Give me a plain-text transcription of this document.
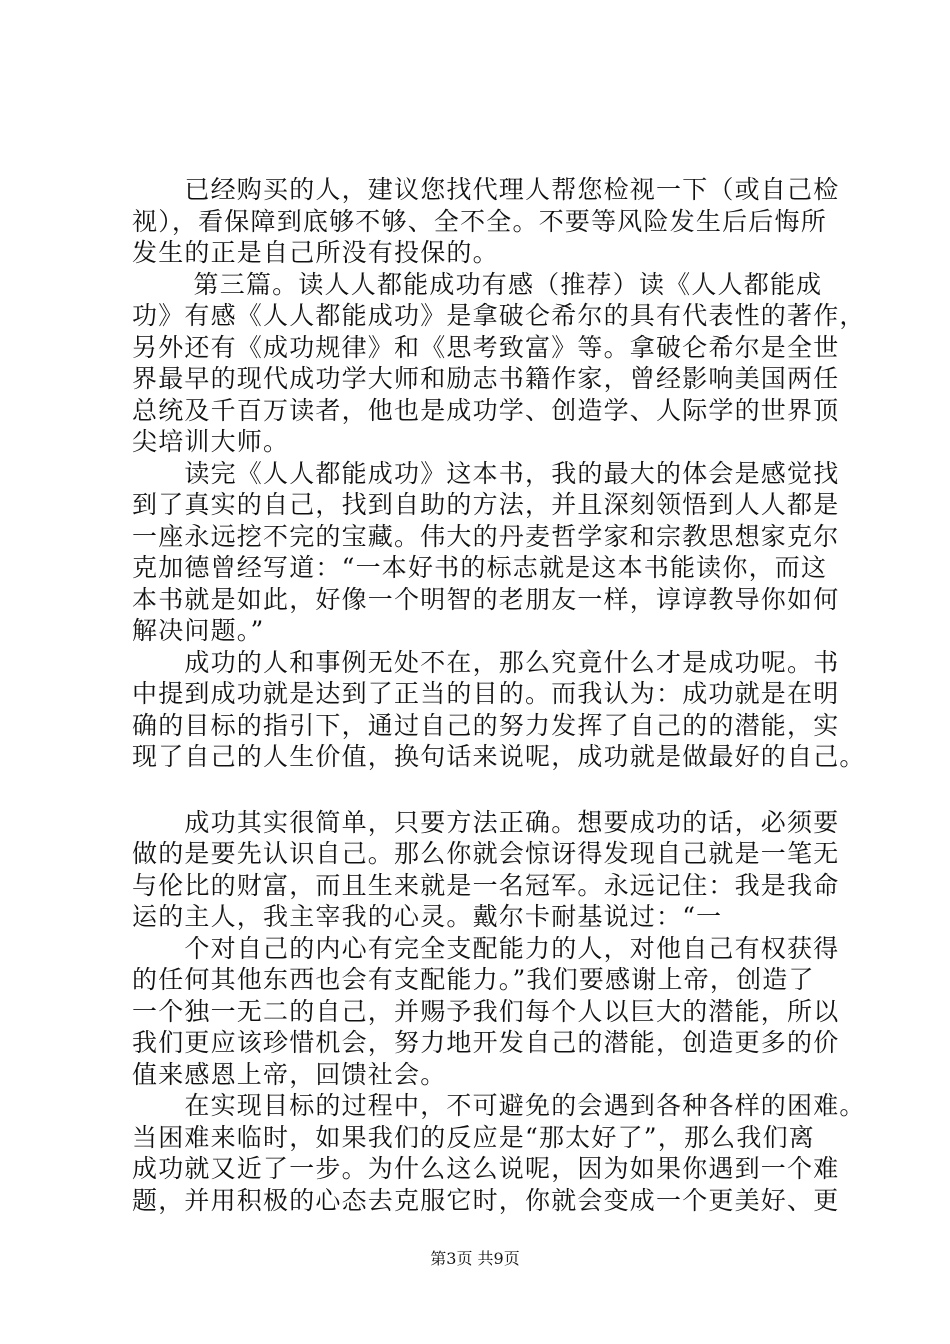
　　已经购买的人，建议您找代理人帮您检视一下（或自己检
视），看保障到底够不够、全不全。不要等风险发生后后悔所
发生的正是自己所没有投保的。
　　 第三篇。读人人都能成功有感（推荐）读《人人都能成
功》有感《人人都能成功》是拿破仑希尔的具有代表性的著作，
另外还有《成功规律》和《思考致富》等。拿破仑希尔是全世
界最早的现代成功学大师和励志书籍作家，曾经影响美国两任
总统及千百万读者，他也是成功学、创造学、人际学的世界顶
尖培训大师。
　　读完《人人都能成功》这本书，我的最大的体会是感觉找
到了真实的自己，找到自助的方法，并且深刻领悟到人人都是
一座永远挖不完的宝藏。伟大的丹麦哲学家和宗教思想家克尔
克加德曾经写道：“一本好书的标志就是这本书能读你，而这
本书就是如此，好像一个明智的老朋友一样，谆谆教导你如何
解决问题。”
　　成功的人和事例无处不在，那么究竟什么才是成功呢。书
中提到成功就是达到了正当的目的。而我认为：成功就是在明
确的目标的指引下，通过自己的努力发挥了自己的的潜能，实
现了自己的人生价值，换句话来说呢，成功就是做最好的自己。
　　成功其实很简单，只要方法正确。想要成功的话，必须要
做的是要先认识自己。那么你就会惊讶得发现自己就是一笔无
与伦比的财富，而且生来就是一名冠军。永远记住：我是我命
运的主人，我主宰我的心灵。戴尔卡耐基说过：“一
　　个对自己的内心有完全支配能力的人，对他自己有权获得
的任何其他东西也会有支配能力。”我们要感谢上帝，创造了
一个独一无二的自己，并赐予我们每个人以巨大的潜能，所以
我们更应该珍惜机会，努力地开发自己的潜能，创造更多的价
值来感恩上帝，回馈社会。
　　在实现目标的过程中，不可避免的会遇到各种各样的困难。
当困难来临时，如果我们的反应是“那太好了”，那么我们离
成功就又近了一步。为什么这么说呢，因为如果你遇到一个难
题，并用积极的心态去克服它时，你就会变成一个更美好、更
第3页 共9页
